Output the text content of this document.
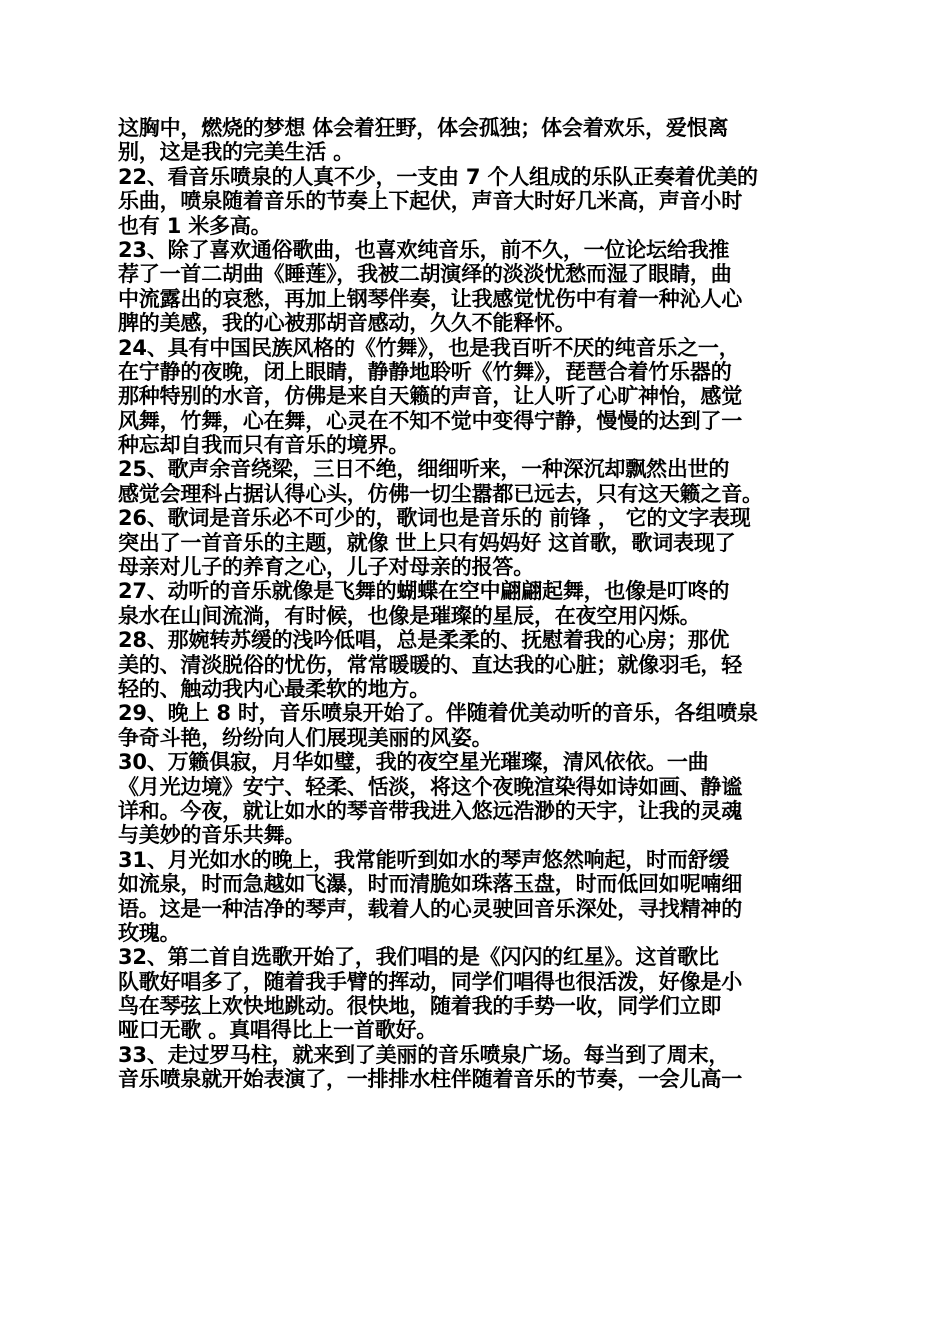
这胸中，燃烧的梦想 体会着狂野，体会孤独；体会着欢乐，爱恨离
别，这是我的完美生活 。
22、看音乐喷泉的人真不少，一支由 7 个人组成的乐队正奏着优美的
乐曲，喷泉随着音乐的节奏上下起伏，声音大时好几米高，声音小时
也有 1 米多高。
23、除了喜欢通俗歌曲，也喜欢纯音乐，前不久，一位论坛给我推
荐了一首二胡曲《睡莲》，我被二胡演绎的淡淡忧愁而湿了眼睛，曲
中流露出的哀愁，再加上钢琴伴奏，让我感觉忧伤中有着一种沁人心
脾的美感，我的心被那胡音感动，久久不能释怀。
24、具有中国民族风格的《竹舞》，也是我百听不厌的纯音乐之一，
在宁静的夜晚，闭上眼睛，静静地聆听《竹舞》，琵琶合着竹乐器的
那种特别的水音，仿佛是来自天籁的声音，让人听了心旷神怡，感觉
风舞，竹舞，心在舞，心灵在不知不觉中变得宁静，慢慢的达到了一
种忘却自我而只有音乐的境界。
25、歌声余音绕梁，三日不绝，细细听来，一种深沉却飘然出世的
感觉会理科占据认得心头，仿佛一切尘嚣都已远去，只有这天籁之音。
26、歌词是音乐必不可少的，歌词也是音乐的 前锋 ， 它的文字表现
突出了一首音乐的主题，就像 世上只有妈妈好 这首歌，歌词表现了
母亲对儿子的养育之心，儿子对母亲的报答。
27、动听的音乐就像是飞舞的蝴蝶在空中翩翩起舞，也像是叮咚的
泉水在山间流淌，有时候，也像是璀璨的星辰，在夜空用闪烁。
28、那婉转苏缓的浅吟低唱，总是柔柔的、抚慰着我的心房；那优
美的、清淡脱俗的忧伤，常常暖暖的、直达我的心脏；就像羽毛，轻
轻的、触动我内心最柔软的地方。
29、晚上 8 时，音乐喷泉开始了。伴随着优美动听的音乐，各组喷泉
争奇斗艳，纷纷向人们展现美丽的风姿。
30、万籁俱寂，月华如璧，我的夜空星光璀璨，清风依依。一曲
《月光边境》安宁、轻柔、恬淡，将这个夜晚渲染得如诗如画、静谧
详和。今夜，就让如水的琴音带我进入悠远浩渺的天宇，让我的灵魂
与美妙的音乐共舞。
31、月光如水的晚上，我常能听到如水的琴声悠然响起，时而舒缓
如流泉，时而急越如飞瀑，时而清脆如珠落玉盘，时而低回如呢喃细
语。这是一种洁净的琴声，载着人的心灵驶回音乐深处，寻找精神的
玫瑰。
32、第二首自选歌开始了，我们唱的是《闪闪的红星》。这首歌比
队歌好唱多了，随着我手臂的挥动，同学们唱得也很活泼，好像是小
鸟在琴弦上欢快地跳动。很快地，随着我的手势一收，同学们立即
哑口无歌 。真唱得比上一首歌好。
33、走过罗马柱，就来到了美丽的音乐喷泉广场。每当到了周末，
音乐喷泉就开始表演了，一排排水柱伴随着音乐的节奏，一会儿高一
